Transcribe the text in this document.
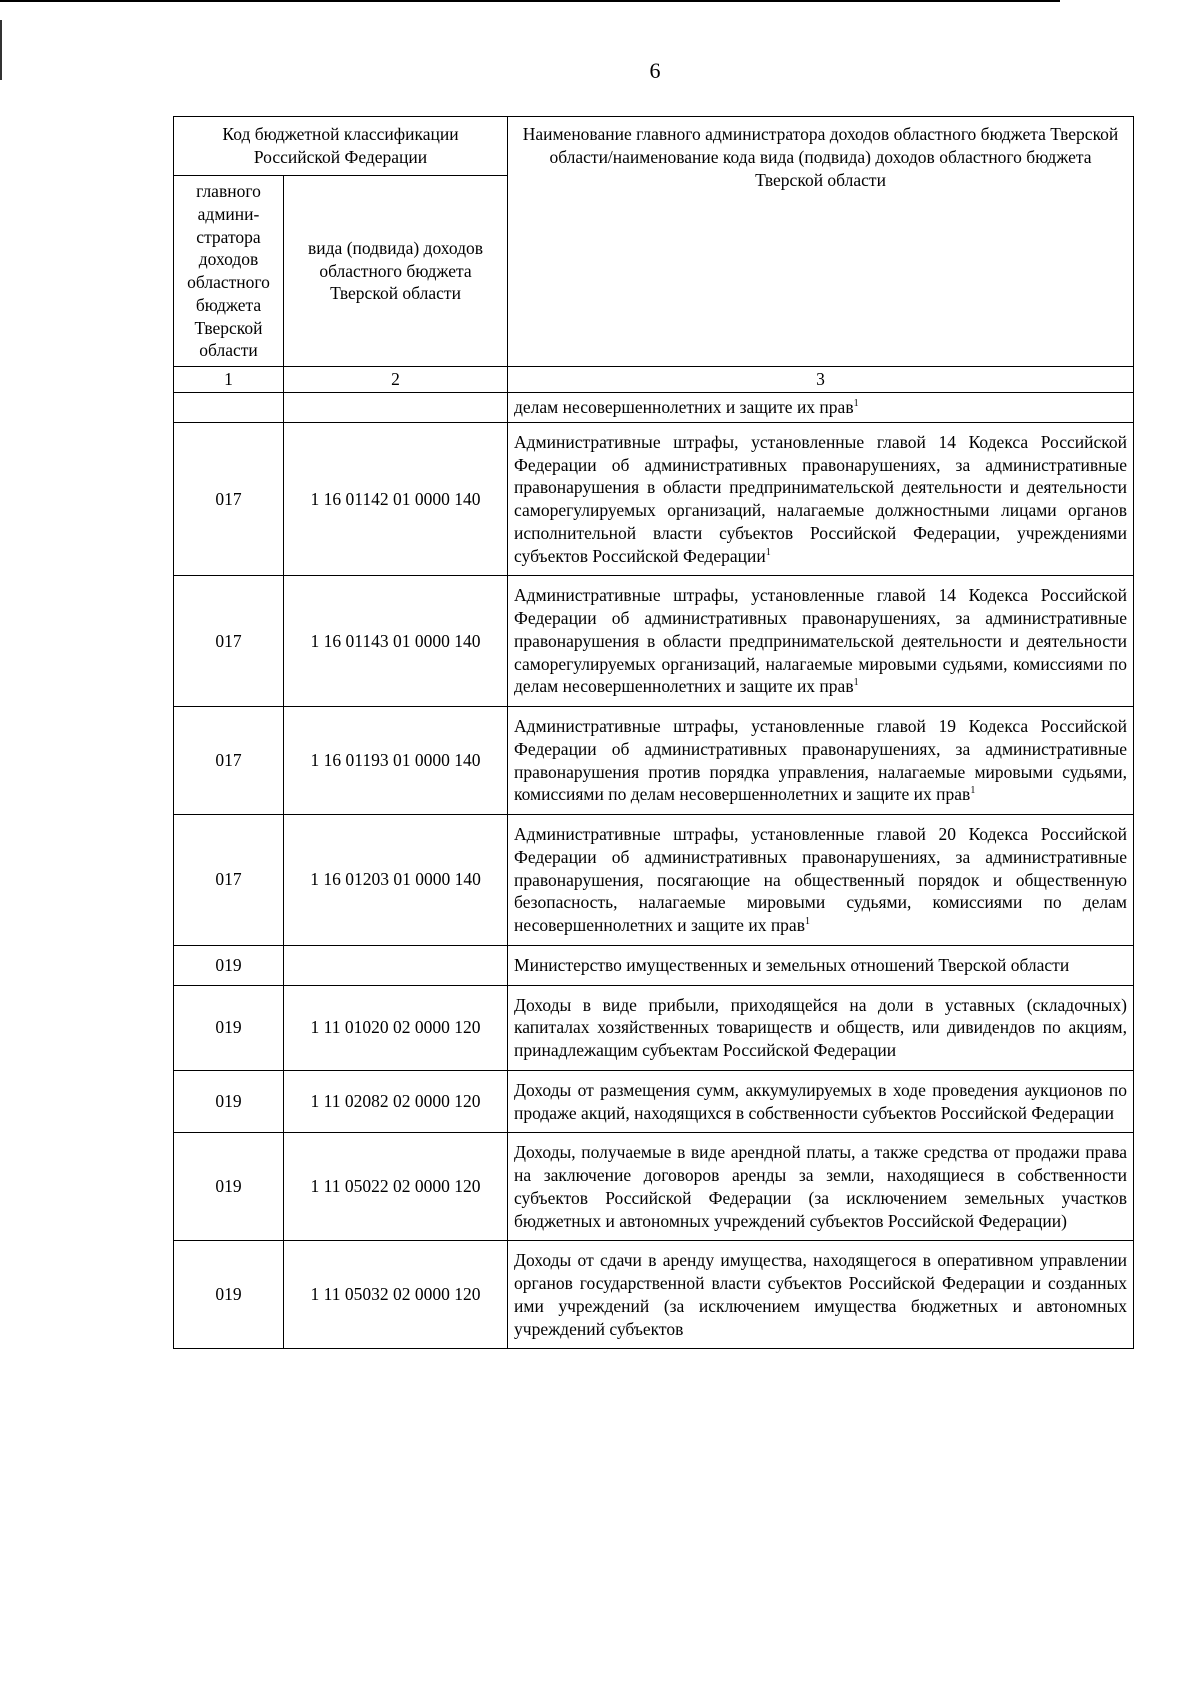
6
Код бюджетной классификации Российской Федерации		Наименование главного администратора доходов областного бюджета Тверской области/наименование кода вида (подвида) доходов областного бюджета Тверской области
главного админи- стратора доходов областного бюджета Тверской области	вида (подвида) доходов областного бюджета Тверской области	
1	2	3
		делам несовершеннолетних и защите их прав$^1$
017	1 16 01142 01 0000 140	Административные штрафы, установленные главой 14 Кодекса Российской Федерации об административных правонарушениях, за административные правонарушения в области предпринимательской деятельности и деятельности саморегулируемых организаций, налагаемые должностными лицами органов исполнительной власти субъектов Российской Федерации, учреждениями субъектов Российской Федерации$^1$
017	1 16 01143 01 0000 140	Административные штрафы, установленные главой 14 Кодекса Российской Федерации об административных правонарушениях, за административные правонарушения в области предпринимательской деятельности и деятельности саморегулируемых организаций, налагаемые мировыми судьями, комиссиями по делам несовершеннолетних и защите их прав$^1$
017	1 16 01193 01 0000 140	Административные штрафы, установленные главой 19 Кодекса Российской Федерации об административных правонарушениях, за административные правонарушения против порядка управления, налагаемые мировыми судьями, комиссиями по делам несовершеннолетних и защите их прав$^1$
017	1 16 01203 01 0000 140	Административные штрафы, установленные главой 20 Кодекса Российской Федерации об административных правонарушениях, за административные правонарушения, посягающие на общественный порядок и общественную безопасность, налагаемые мировыми судьями, комиссиями по делам несовершеннолетних и защите их прав$^1$
019		Министерство имущественных и земельных отношений Тверской области
019	1 11 01020 02 0000 120	Доходы в виде прибыли, приходящейся на доли в уставных (складочных) капиталах хозяйственных товариществ и обществ, или дивидендов по акциям, принадлежащим субъектам Российской Федерации
019	1 11 02082 02 0000 120	Доходы от размещения сумм, аккумулируемых в ходе проведения аукционов по продаже акций, находящихся в собственности субъектов Российской Федерации
019	1 11 05022 02 0000 120	Доходы, получаемые в виде арендной платы, а также средства от продажи права на заключение договоров аренды за земли, находящиеся в собственности субъектов Российской Федерации (за исключением земельных участков бюджетных и автономных учреждений субъектов Российской Федерации)
019	1 11 05032 02 0000 120	Доходы от сдачи в аренду имущества, находящегося в оперативном управлении органов государственной власти субъектов Российской Федерации и созданных ими учреждений (за исключением имущества бюджетных и автономных учреждений субъектов
